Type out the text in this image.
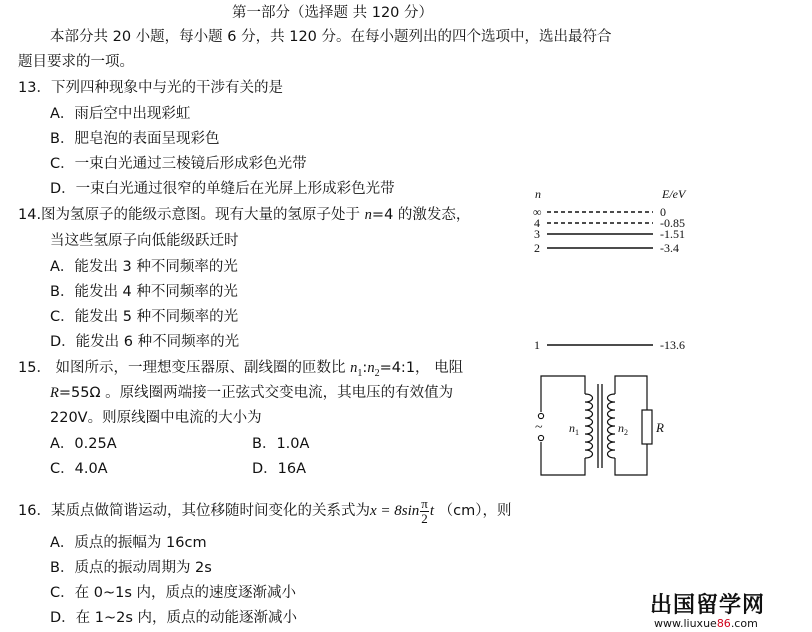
第一部分（选择题 共 120 分）
本部分共 20 小题，每小题 6 分，共 120 分。在每小题列出的四个选项中，选出最符合
题目要求的一项。
13．下列四种现象中与光的干涉有关的是
A．雨后空中出现彩虹
B．肥皂泡的表面呈现彩色
C．一束白光通过三棱镜后形成彩色光带
D．一束白光通过很窄的单缝后在光屏上形成彩色光带
14.图为氢原子的能级示意图。现有大量的氢原子处于 n=4 的激发态，
当这些氢原子向低能级跃迁时
A．能发出 3 种不同频率的光
B．能发出 4 种不同频率的光
C．能发出 5 种不同频率的光
D．能发出 6 种不同频率的光
15． 如图所示，一理想变压器原、副线圈的匝数比 $n_1:n_2=4:1$， 电阻
R=55Ω 。原线圈两端接一正弦式交变电流，其电压的有效值为
220V。则原线圈中电流的大小为
A．0.25A	B．1.0A
C．4.0A	D．16A
16．某质点做简谐运动，其位移随时间变化的关系式为$x = 8\sin \frac{\pi}{2}$ t （cm），则
A．质点的振幅为 16cm
B．质点的振动周期为 2s
C．在 0~1s 内，质点的速度逐渐减小
D．在 1~2s 内，质点的动能逐渐减小
n	E/eV
∞	0
4	-0.85
3	-1.51
2	-3.4
1	-13.6
~ $n_1$	$n_2$ R
出国留学网
www.liuxue86.com
